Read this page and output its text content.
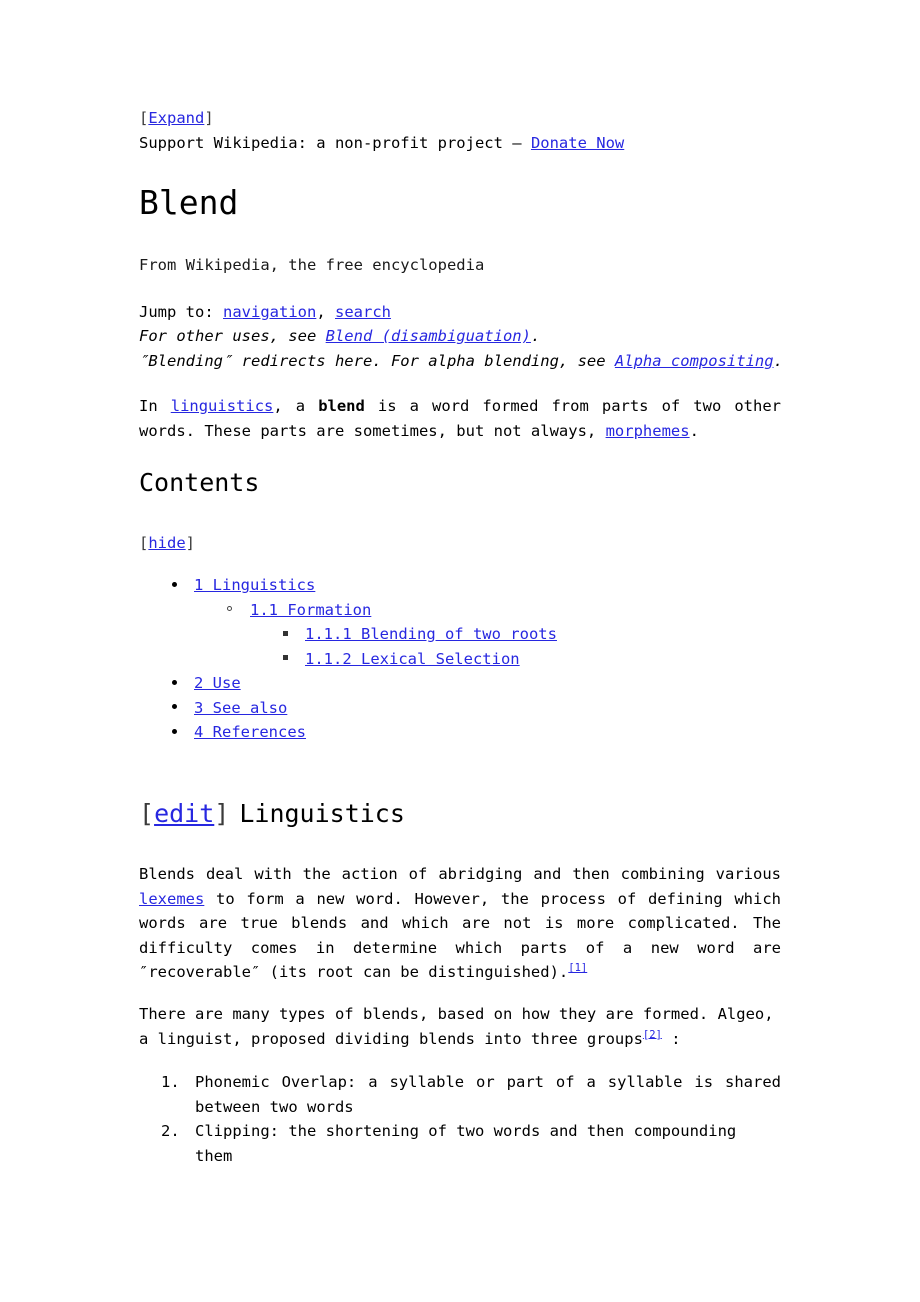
[Expand]
Support Wikipedia: a non-profit project — Donate Now
Blend
From Wikipedia, the free encyclopedia
Jump to: navigation, search
For other uses, see Blend (disambiguation).
″Blending″ redirects here. For alpha blending, see Alpha compositing.

In linguistics, a blend is a word formed from parts of two other words. These parts are sometimes, but not always, morphemes.

Contents
[hide]
1 Linguistics
1.1 Formation
1.1.1 Blending of two roots
1.1.2 Lexical Selection
2 Use
3 See also
4 References
[edit] Linguistics

Blends deal with the action of abridging and then combining various lexemes to form a new word. However, the process of defining which words are true blends and which are not is more complicated. The difficulty comes in determine which parts of a new word are ″recoverable″ (its root can be distinguished).[1]

There are many types of blends, based on how they are formed. Algeo, a linguist, proposed dividing blends into three groups[2] :

1. Phonemic Overlap: a syllable or part of a syllable is shared between two words
2. Clipping: the shortening of two words and then compounding them
